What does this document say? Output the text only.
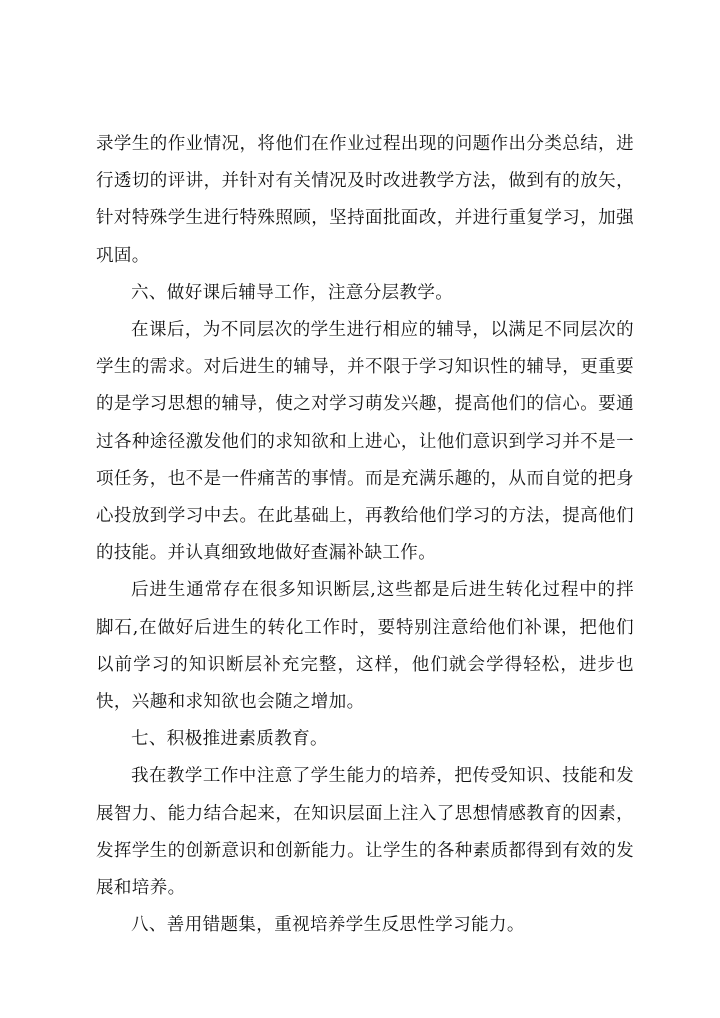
录学生的作业情况，将他们在作业过程出现的问题作出分类总结，进行透切的评讲，并针对有关情况及时改进教学方法，做到有的放矢，针对特殊学生进行特殊照顾，坚持面批面改，并进行重复学习，加强巩固。

六、做好课后辅导工作，注意分层教学。

在课后，为不同层次的学生进行相应的辅导，以满足不同层次的学生的需求。对后进生的辅导，并不限于学习知识性的辅导，更重要的是学习思想的辅导，使之对学习萌发兴趣，提高他们的信心。要通过各种途径激发他们的求知欲和上进心，让他们意识到学习并不是一项任务，也不是一件痛苦的事情。而是充满乐趣的，从而自觉的把身心投放到学习中去。在此基础上，再教给他们学习的方法，提高他们的技能。并认真细致地做好查漏补缺工作。

后进生通常存在很多知识断层,这些都是后进生转化过程中的拌脚石,在做好后进生的转化工作时，要特别注意给他们补课，把他们以前学习的知识断层补充完整，这样，他们就会学得轻松，进步也快，兴趣和求知欲也会随之增加。

七、积极推进素质教育。

我在教学工作中注意了学生能力的培养，把传受知识、技能和发展智力、能力结合起来，在知识层面上注入了思想情感教育的因素，发挥学生的创新意识和创新能力。让学生的各种素质都得到有效的发展和培养。

八、善用错题集，重视培养学生反思性学习能力。
